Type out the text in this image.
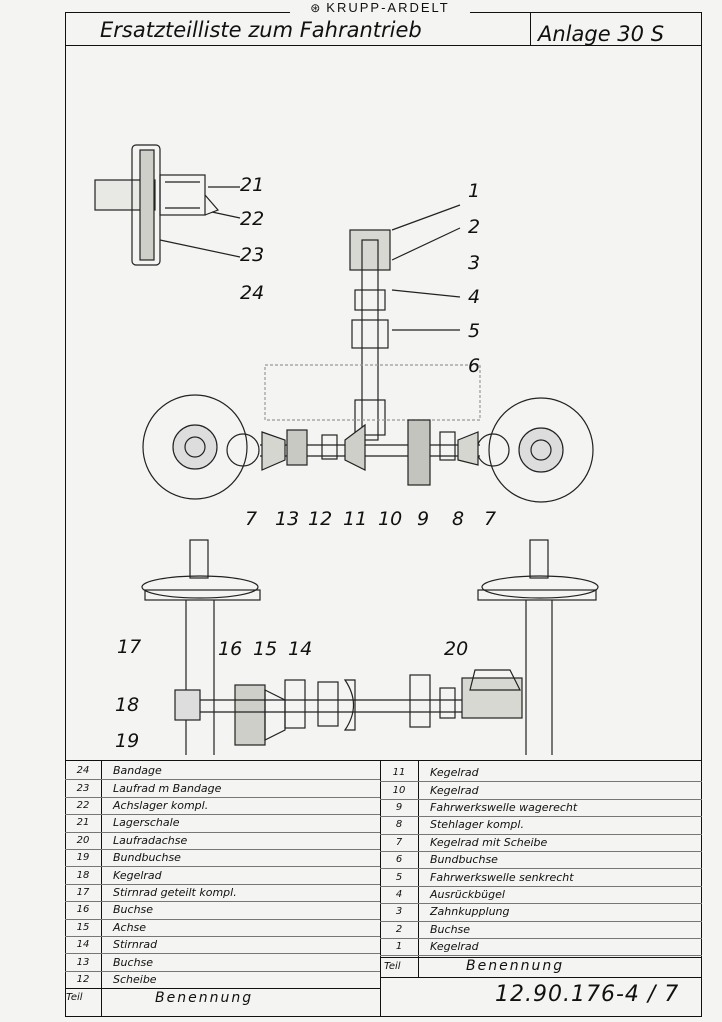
⊛ KRUPP-ARDELT
Ersatzteilliste zum Fahrantrieb	Anlage 30 S
21
22
23
24
1
2
3
4
5
6
7 13 12 11 10 9 8 7
17	16 15 14	20
18
19
24	Bandage
23	Laufrad m Bandage
22	Achslager kompl.
21	Lagerschale
20	Laufradachse
19	Bundbuchse
18	Kegelrad
17	Stirnrad geteilt kompl.
16	Buchse
15	Achse
14	Stirnrad
13	Buchse
12	Scheibe
11	Kegelrad
10	Kegelrad
9	Fahrwerkswelle wagerecht
8	Stehlager kompl.
7	Kegelrad mit Scheibe
6	Bundbuchse
5	Fahrwerkswelle senkrecht
4	Ausrückbügel
3	Zahnkupplung
2	Buchse
1	Kegelrad
Teil	Benennung
Teil	Benennung
12.90.176-4 / 7
